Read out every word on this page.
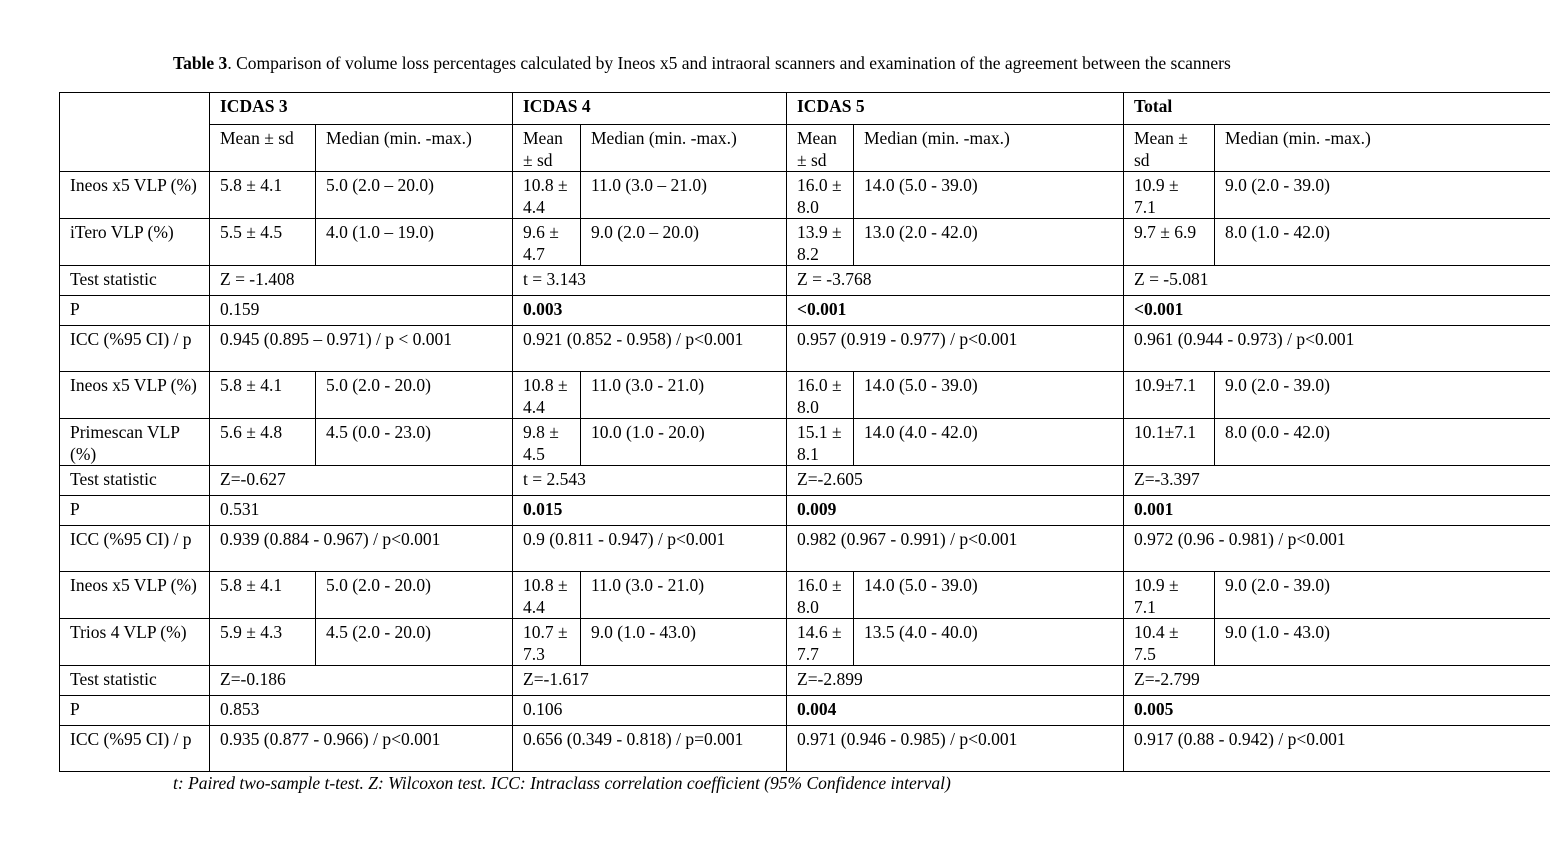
Table 3. Comparison of volume loss percentages calculated by Ineos x5 and intraoral scanners and examination of the agreement between the scanners
	ICDAS 3		ICDAS 4		ICDAS 5		Total	
	Mean ± sd	Median (min. -max.)	Mean ± sd	Median (min. -max.)	Mean ± sd	Median (min. -max.)	Mean ± sd	Median (min. -max.)
Ineos x5 VLP (%)	5.8 ± 4.1	5.0 (2.0 – 20.0)	10.8 ± 4.4	11.0 (3.0 – 21.0)	16.0 ± 8.0	14.0 (5.0 - 39.0)	10.9 ± 7.1	9.0 (2.0 - 39.0)
iTero VLP (%)	5.5 ± 4.5	4.0 (1.0 – 19.0)	9.6 ± 4.7	9.0 (2.0 – 20.0)	13.9 ± 8.2	13.0 (2.0 - 42.0)	9.7 ± 6.9	8.0 (1.0 - 42.0)
Test statistic	Z = -1.408		t = 3.143		Z = -3.768		Z = -5.081	
P	0.159		0.003		<0.001		<0.001	
ICC (%95 CI) / p	0.945 (0.895 – 0.971) / p < 0.001		0.921 (0.852 - 0.958) / p<0.001		0.957 (0.919 - 0.977) / p<0.001		0.961 (0.944 - 0.973) / p<0.001	
Ineos x5 VLP (%)	5.8 ± 4.1	5.0 (2.0 - 20.0)	10.8 ± 4.4	11.0 (3.0 - 21.0)	16.0 ± 8.0	14.0 (5.0 - 39.0)	10.9±7.1	9.0 (2.0 - 39.0)
Primescan VLP (%)	5.6 ± 4.8	4.5 (0.0 - 23.0)	9.8 ± 4.5	10.0 (1.0 - 20.0)	15.1 ± 8.1	14.0 (4.0 - 42.0)	10.1±7.1	8.0 (0.0 - 42.0)
Test statistic	Z=-0.627		t = 2.543		Z=-2.605		Z=-3.397	
P	0.531		0.015		0.009		0.001	
ICC (%95 CI) / p	0.939 (0.884 - 0.967) / p<0.001		0.9 (0.811 - 0.947) / p<0.001		0.982 (0.967 - 0.991) / p<0.001		0.972 (0.96 - 0.981) / p<0.001	
Ineos x5 VLP (%)	5.8 ± 4.1	5.0 (2.0 - 20.0)	10.8 ± 4.4	11.0 (3.0 - 21.0)	16.0 ± 8.0	14.0 (5.0 - 39.0)	10.9 ± 7.1	9.0 (2.0 - 39.0)
Trios 4 VLP (%)	5.9 ± 4.3	4.5 (2.0 - 20.0)	10.7 ± 7.3	9.0 (1.0 - 43.0)	14.6 ± 7.7	13.5 (4.0 - 40.0)	10.4 ± 7.5	9.0 (1.0 - 43.0)
Test statistic	Z=-0.186		Z=-1.617		Z=-2.899		Z=-2.799	
P	0.853		0.106		0.004		0.005	
ICC (%95 CI) / p	0.935 (0.877 - 0.966) / p<0.001		0.656 (0.349 - 0.818) / p=0.001		0.971 (0.946 - 0.985) / p<0.001		0.917 (0.88 - 0.942) / p<0.001	
t: Paired two-sample t-test. Z: Wilcoxon test. ICC: Intraclass correlation coefficient (95% Confidence interval)
